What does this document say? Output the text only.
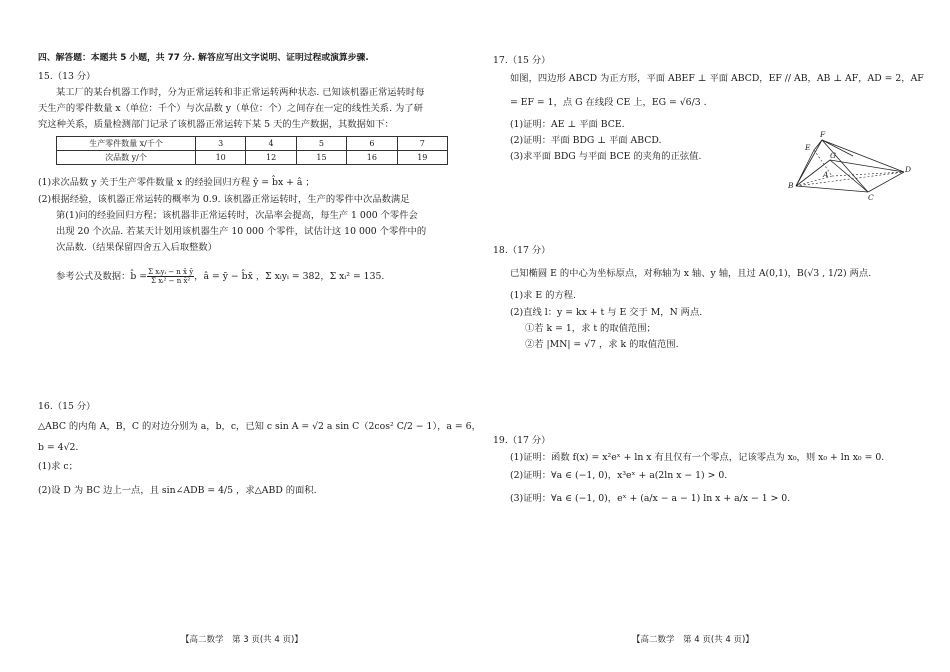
四、解答题：本题共 5 小题，共 77 分. 解答应写出文字说明、证明过程或演算步骤.
15.（13 分）
某工厂的某台机器工作时，分为正常运转和非正常运转两种状态. 已知该机器正常运转时每
天生产的零件数量 x（单位：千个）与次品数 y（单位：个）之间存在一定的线性关系. 为了研
究这种关系，质量检测部门记录了该机器正常运转下某 5 天的生产数据，其数据如下：
生产零件数量 x/千个	3	4	5	6	7
次品数 y/个	10	12	15	16	19
(1)求次品数 y 关于生产零件数量 x 的经验回归方程 ŷ = b̂x + â ；
(2)根据经验，该机器正常运转的概率为 0.9. 该机器正常运转时，生产的零件中次品数满足
第(1)问的经验回归方程；该机器非正常运转时，次品率会提高，每生产 1 000 个零件会
出现 20 个次品. 若某天计划用该机器生产 10 000 个零件，试估计这 10 000 个零件中的
次品数.（结果保留四舍五入后取整数）
参考公式及数据： b̂ = $\frac{\text{Σ xᵢyᵢ − n x̄ ȳ}}{\text{Σ xᵢ² − n x̄²}}$ ，â = ȳ − b̂x̄ ，Σ xᵢyᵢ = 382，Σ xᵢ² = 135.
16.（15 分）
△ABC 的内角 A，B，C 的对边分别为 a，b，c，已知 c sin A = √2 a sin C（2cos² C/2 − 1），a = 6，
b = 4√2.
(1)求 c；
(2)设 D 为 BC 边上一点，且 sin∠ADB = 4/5 ，求△ABD 的面积.
【高二数学　第 3 页(共 4 页)】
17.（15 分）
如图，四边形 ABCD 为正方形，平面 ABEF ⊥ 平面 ABCD，EF // AB，AB ⊥ AF，AD = 2，AF
= EF = 1，点 G 在线段 CE 上，EG = √6/3 .
(1)证明：AE ⊥ 平面 BCE.
(2)证明：平面 BDG ⊥ 平面 ABCD.
(3)求平面 BDG 与平面 BCE 的夹角的正弦值.
F
E
G
A
B
C
D
18.（17 分）
已知椭圆 E 的中心为坐标原点，对称轴为 x 轴、y 轴，且过 A(0,1)，B(√3 , 1/2) 两点.
(1)求 E 的方程.
(2)直线 l：y = kx + t 与 E 交于 M，N 两点.
①若 k = 1，求 t 的取值范围；
②若 |MN| = √7 ，求 k 的取值范围.
19.（17 分）
(1)证明：函数 f(x) = x²eˣ + ln x 有且仅有一个零点，记该零点为 x₀，则 x₀ + ln x₀ = 0.
(2)证明：∀a ∈ (−1, 0)，x³eˣ + a(2ln x − 1) > 0.
(3)证明：∀a ∈ (−1, 0)，eˣ + (a/x − a − 1) ln x + a/x − 1 > 0.
【高二数学　第 4 页(共 4 页)】
